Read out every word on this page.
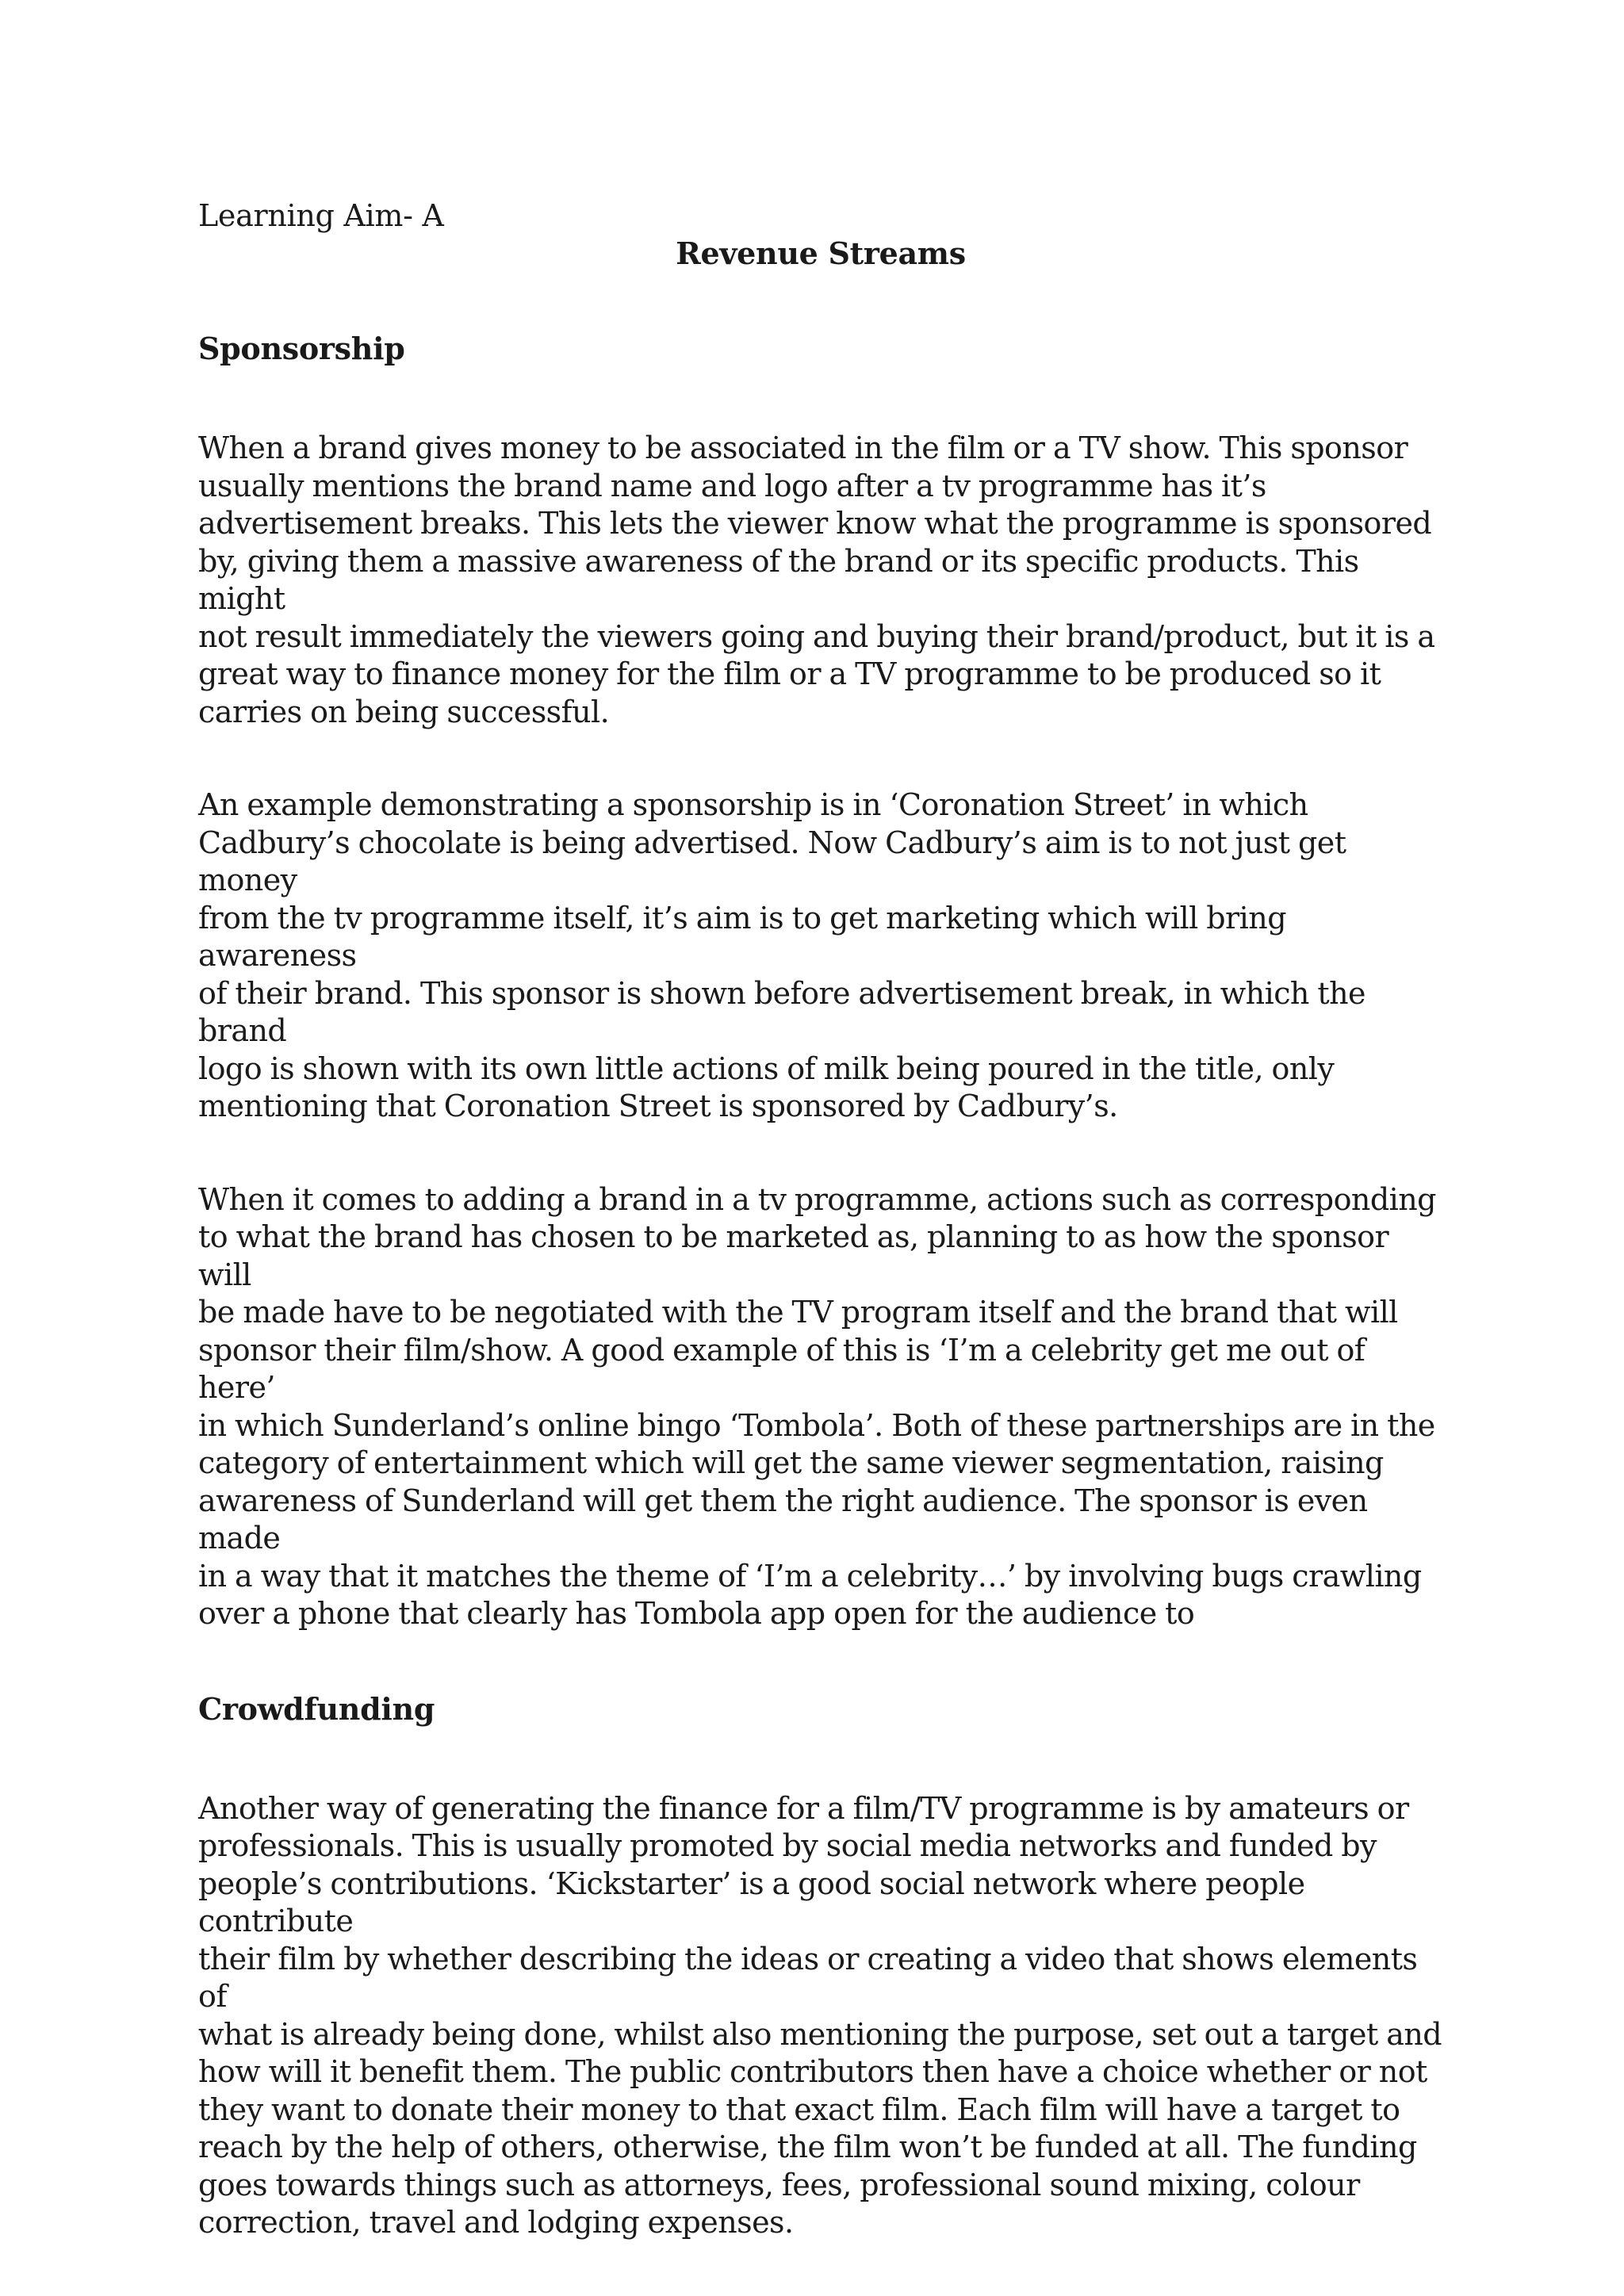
Learning Aim- A

Revenue Streams
Sponsorship

When a brand gives money to be associated in the film or a TV show. This sponsor
usually mentions the brand name and logo after a tv programme has it’s
advertisement breaks. This lets the viewer know what the programme is sponsored
by, giving them a massive awareness of the brand or its specific products. This might
not result immediately the viewers going and buying their brand/product, but it is a
great way to finance money for the film or a TV programme to be produced so it
carries on being successful.

An example demonstrating a sponsorship is in ‘Coronation Street’ in which
Cadbury’s chocolate is being advertised. Now Cadbury’s aim is to not just get money
from the tv programme itself, it’s aim is to get marketing which will bring awareness
of their brand. This sponsor is shown before advertisement break, in which the brand
logo is shown with its own little actions of milk being poured in the title, only
mentioning that Coronation Street is sponsored by Cadbury’s.

When it comes to adding a brand in a tv programme, actions such as corresponding
to what the brand has chosen to be marketed as, planning to as how the sponsor will
be made have to be negotiated with the TV program itself and the brand that will
sponsor their film/show. A good example of this is ‘I’m a celebrity get me out of here’
in which Sunderland’s online bingo ‘Tombola’. Both of these partnerships are in the
category of entertainment which will get the same viewer segmentation, raising
awareness of Sunderland will get them the right audience. The sponsor is even made
in a way that it matches the theme of ‘I’m a celebrity…’ by involving bugs crawling
over a phone that clearly has Tombola app open for the audience to

Crowdfunding

Another way of generating the finance for a film/TV programme is by amateurs or
professionals. This is usually promoted by social media networks and funded by
people’s contributions. ‘Kickstarter’ is a good social network where people contribute
their film by whether describing the ideas or creating a video that shows elements of
what is already being done, whilst also mentioning the purpose, set out a target and
how will it benefit them. The public contributors then have a choice whether or not
they want to donate their money to that exact film. Each film will have a target to
reach by the help of others, otherwise, the film won’t be funded at all. The funding
goes towards things such as attorneys, fees, professional sound mixing, colour
correction, travel and lodging expenses.
